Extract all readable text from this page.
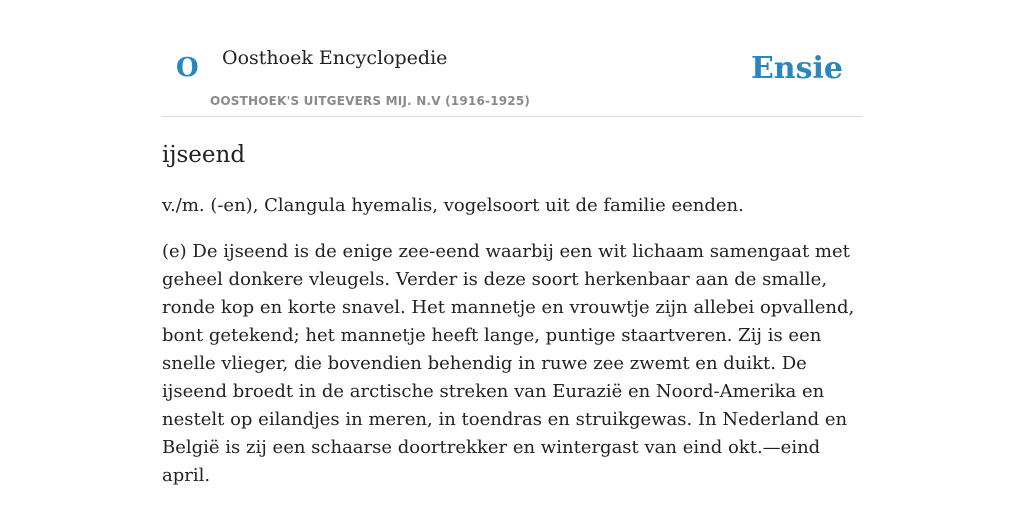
O Oosthoek Encyclopedie
OOSTHOEK'S UITGEVERS MIJ. N.V (1916-1925)
Ensie
ijseend

v./m. (-en), Clangula hyemalis, vogelsoort uit de familie eenden.

(e) De ijseend is de enige zee-eend waarbij een wit lichaam samengaat met geheel donkere vleugels. Verder is deze soort herkenbaar aan de smalle, ronde kop en korte snavel. Het mannetje en vrouwtje zijn allebei opvallend, bont getekend; het mannetje heeft lange, puntige staartveren. Zij is een snelle vlieger, die bovendien behendig in ruwe zee zwemt en duikt. De ijseend broedt in de arctische streken van Eurazië en Noord-Amerika en nestelt op eilandjes in meren, in toendras en struikgewas. In Nederland en België is zij een schaarse doortrekker en wintergast van eind okt.—eind april.
